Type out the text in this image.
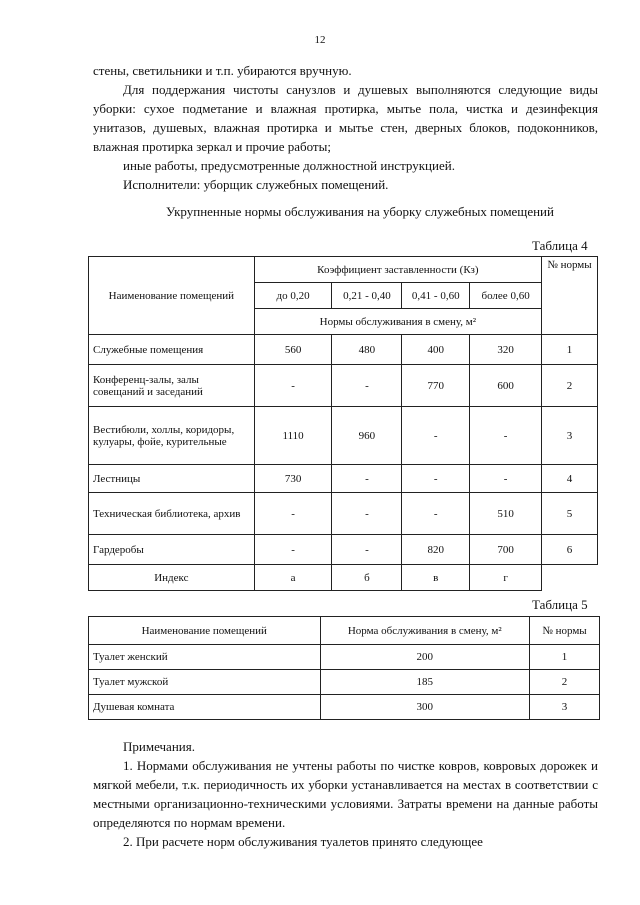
12

стены, светильники и т.п. убираются вручную.

Для поддержания чистоты санузлов и душевых выполняются следующие виды уборки: сухое подметание и влажная протирка, мытье пола, чистка и дезинфекция унитазов, душевых, влажная протирка и мытье стен, дверных блоков, подоконников, влажная протирка зеркал и прочие работы;

иные работы, предусмотренные должностной инструкцией.

Исполнители: уборщик служебных помещений.

Укрупненные нормы обслуживания на уборку служебных помещений
Таблица 4
Наименование помещений	Коэффициент заставленности (Кз)				№ нормы
	до 0,20	0,21 - 0,40	0,41 - 0,60	более 0,60	
	Нормы обслуживания в смену, м²				
Служебные помещения	560	480	400	320	1
Конференц-залы, залы совещаний и заседаний	-	-	770	600	2
Вестибюли, холлы, коридоры, кулуары, фойе, курительные	1110	960	-	-	3
Лестницы	730	-	-	-	4
Техническая библиотека, архив	-	-	-	510	5
Гардеробы	-	-	820	700	6
Индекс	а	б	в	г	
Таблица 5
Наименование помещений	Норма обслуживания в смену, м²	№ нормы
Туалет женский	200	1
Туалет мужской	185	2
Душевая комната	300	3

Примечания.

1. Нормами обслуживания не учтены работы по чистке ковров, ковровых дорожек и мягкой мебели, т.к. периодичность их уборки устанавливается на местах в соответствии с местными организационно-техническими условиями. Затраты времени на данные работы определяются по нормам времени.

2. При расчете норм обслуживания туалетов принято следующее
